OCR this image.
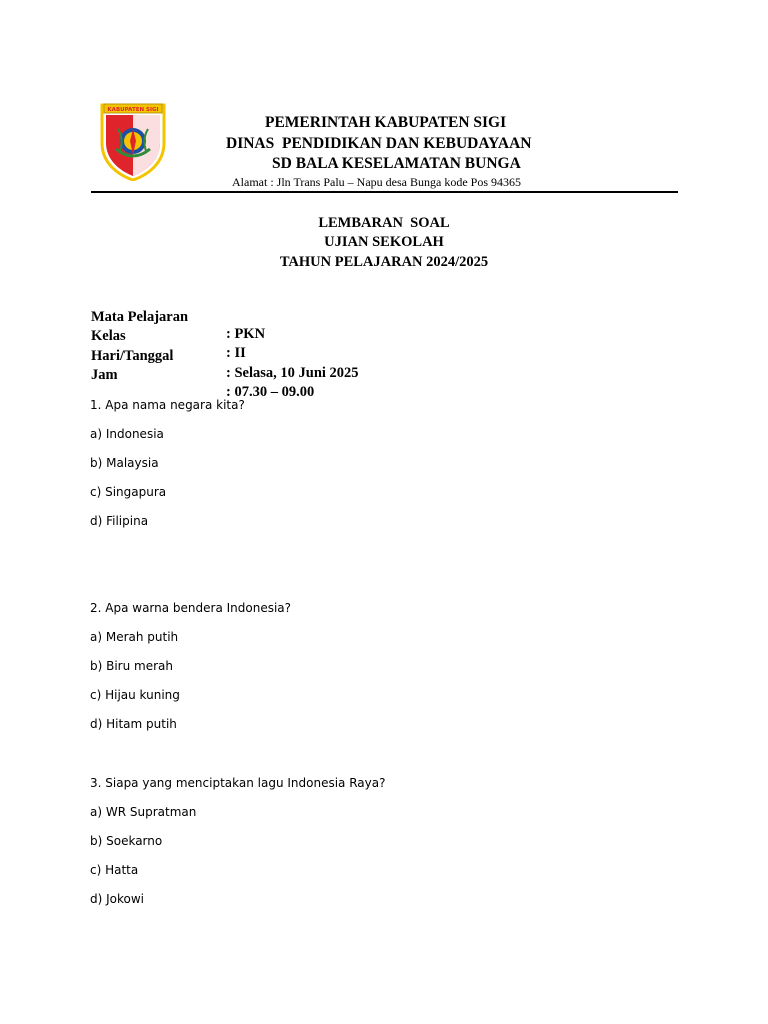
KABUPATEN SIGI
PEMERINTAH KABUPATEN SIGI
DINAS  PENDIDIKAN DAN KEBUDAYAAN
SD BALA KESELAMATAN BUNGA
Alamat : Jln Trans Palu – Napu desa Bunga kode Pos 94365
LEMBARAN  SOAL
UJIAN SEKOLAH
TAHUN PELAJARAN 2024/2025

Mata Pelajaran

: PKN

Kelas

: II

Hari/Tanggal

: Selasa, 10 Juni 2025

Jam

: 07.30 – 09.00

1. Apa nama negara kita?
a) Indonesia
b) Malaysia
c) Singapura
d) Filipina
2. Apa warna bendera Indonesia?
a) Merah putih
b) Biru merah
c) Hijau kuning
d) Hitam putih
3. Siapa yang menciptakan lagu Indonesia Raya?
a) WR Supratman
b) Soekarno
c) Hatta
d) Jokowi
